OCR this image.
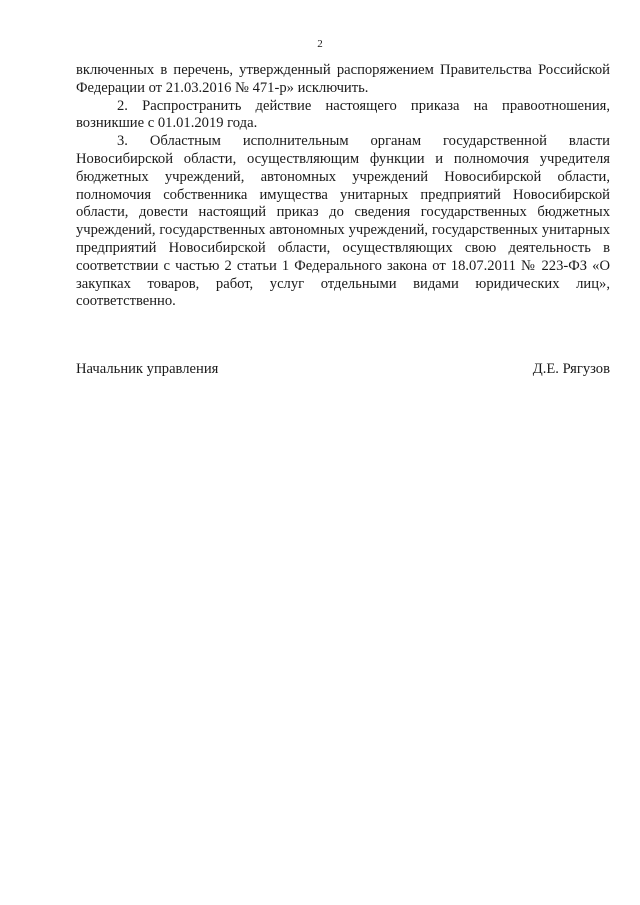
2

включенных в перечень, утвержденный распоряжением Правительства Российской Федерации от 21.03.2016 № 471-р» исключить.

2. Распространить действие настоящего приказа на правоотношения, возникшие с 01.01.2019 года.

3. Областным исполнительным органам государственной власти Новосибирской области, осуществляющим функции и полномочия учредителя бюджетных учреждений, автономных учреждений Новосибирской области, полномочия собственника имущества унитарных предприятий Новосибирской области, довести настоящий приказ до сведения государственных бюджетных учреждений, государственных автономных учреждений, государственных унитарных предприятий Новосибирской области, осуществляющих свою деятельность в соответствии с частью 2 статьи 1 Федерального закона от 18.07.2011 № 223-ФЗ «О закупках товаров, работ, услуг отдельными видами юридических лиц», соответственно.

Начальник управления	Д.Е. Рягузов
